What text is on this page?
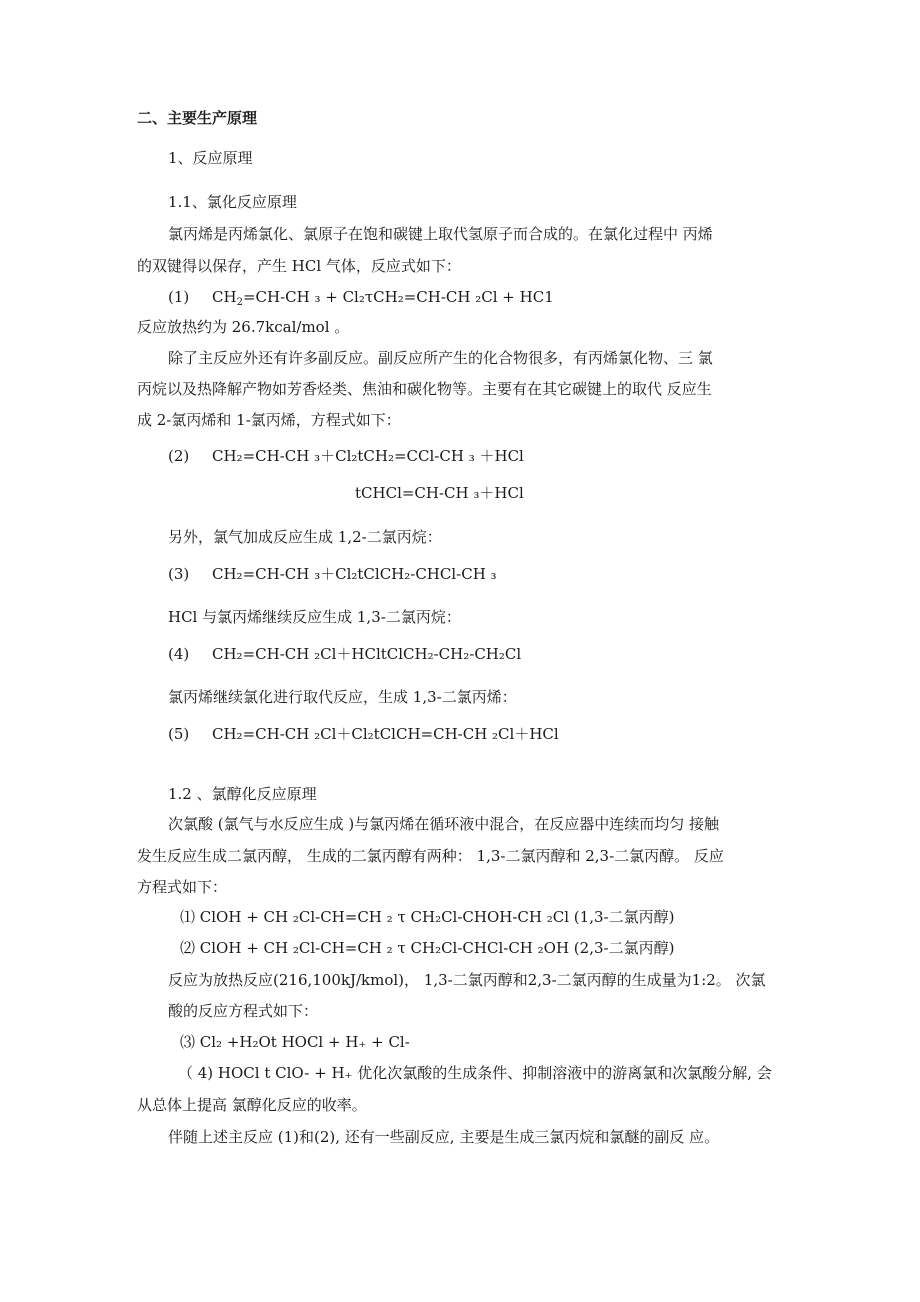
二、主要生产原理
1、反应原理
1.1、氯化反应原理
氯丙烯是丙烯氯化、氯原子在饱和碳键上取代氢原子而合成的。在氯化过程中 丙烯
的双键得以保存，产生 HCl 气体，反应式如下：
(1) $CH_2=CH-CH$ ₃ + Cl₂τCH₂=CH-CH ₂Cl + HC1
反应放热约为 26.7kcal/mol 。
除了主反应外还有许多副反应。副反应所产生的化合物很多，有丙烯氯化物、三 氯
丙烷以及热降解产物如芳香烃类、焦油和碳化物等。主要有在其它碳键上的取代 反应生
成 2-氯丙烯和 1-氯丙烯，方程式如下：
(2) CH₂=CH-CH ₃＋Cl₂tCH₂=CCl-CH ₃ ＋HCl
tCHCl=CH-CH ₃＋HCl
另外，氯气加成反应生成 1,2-二氯丙烷：
(3) CH₂=CH-CH ₃＋Cl₂tClCH₂-CHCl-CH ₃
HCl 与氯丙烯继续反应生成 1,3-二氯丙烷：
(4) CH₂=CH-CH ₂Cl＋HCltClCH₂-CH₂-CH₂Cl
氯丙烯继续氯化进行取代反应，生成 1,3-二氯丙烯：
(5) CH₂=CH-CH ₂Cl＋Cl₂tClCH=CH-CH ₂Cl＋HCl
1.2 、氯醇化反应原理
次氯酸 (氯气与水反应生成 )与氯丙烯在循环液中混合，在反应器中连续而均匀 接触
发生反应生成二氯丙醇， 生成的二氯丙醇有两种： 1,3-二氯丙醇和 2,3-二氯丙醇。 反应
方程式如下：
⑴ ClOH + CH ₂Cl-CH=CH ₂ τ CH₂Cl-CHOH-CH ₂Cl (1,3-二氯丙醇)
⑵ ClOH + CH ₂Cl-CH=CH ₂ τ CH₂Cl-CHCl-CH ₂OH (2,3-二氯丙醇)
反应为放热反应(216,100kJ/kmol)， 1,3-二氯丙醇和2,3-二氯丙醇的生成量为1:2。 次氯
酸的反应方程式如下：
⑶ Cl₂ +H₂Ot HOCl + H₊ + Cl-
（ 4) HOCl t ClO- + H₊ 优化次氯酸的生成条件、抑制溶液中的游离氯和次氯酸分解, 会
从总体上提高 氯醇化反应的收率。
伴随上述主反应 (1)和(2), 还有一些副反应, 主要是生成三氯丙烷和氯醚的副反 应。
